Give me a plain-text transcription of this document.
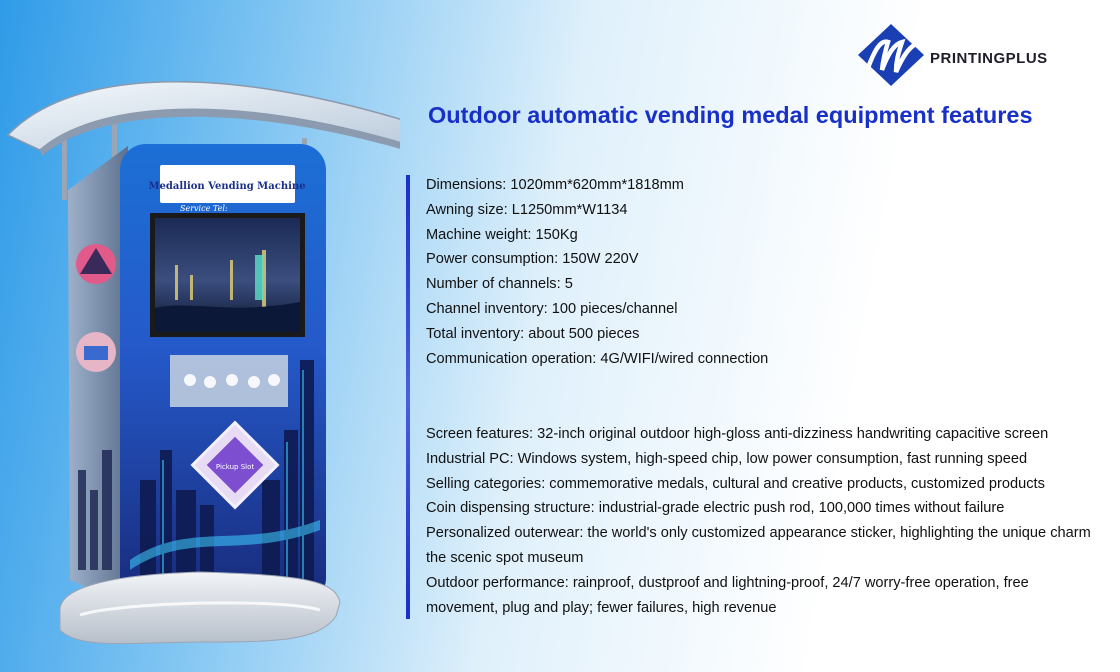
PRINTINGPLUS
Outdoor automatic vending medal equipment features
Dimensions: 1020mm*620mm*1818mm
Awning size: L1250mm*W1134
Machine weight: 150Kg
Power consumption: 150W 220V
Number of channels: 5
Channel inventory: 100 pieces/channel
Total inventory: about 500 pieces
Communication operation: 4G/WIFI/wired connection
Screen features: 32-inch original outdoor high-gloss anti-dizziness handwriting capacitive screen
Industrial PC: Windows system, high-speed chip, low power consumption, fast running speed
Selling categories: commemorative medals, cultural and creative products, customized products
Coin dispensing structure: industrial-grade electric push rod, 100,000 times without failure
Personalized outerwear: the world's only customized appearance sticker, highlighting the unique charm the scenic spot museum
Outdoor performance: rainproof, dustproof and lightning-proof, 24/7 worry-free operation, free movement, plug and play; fewer failures, high revenue
Medallion Vending Machine
Service Tel:
Pickup Slot
